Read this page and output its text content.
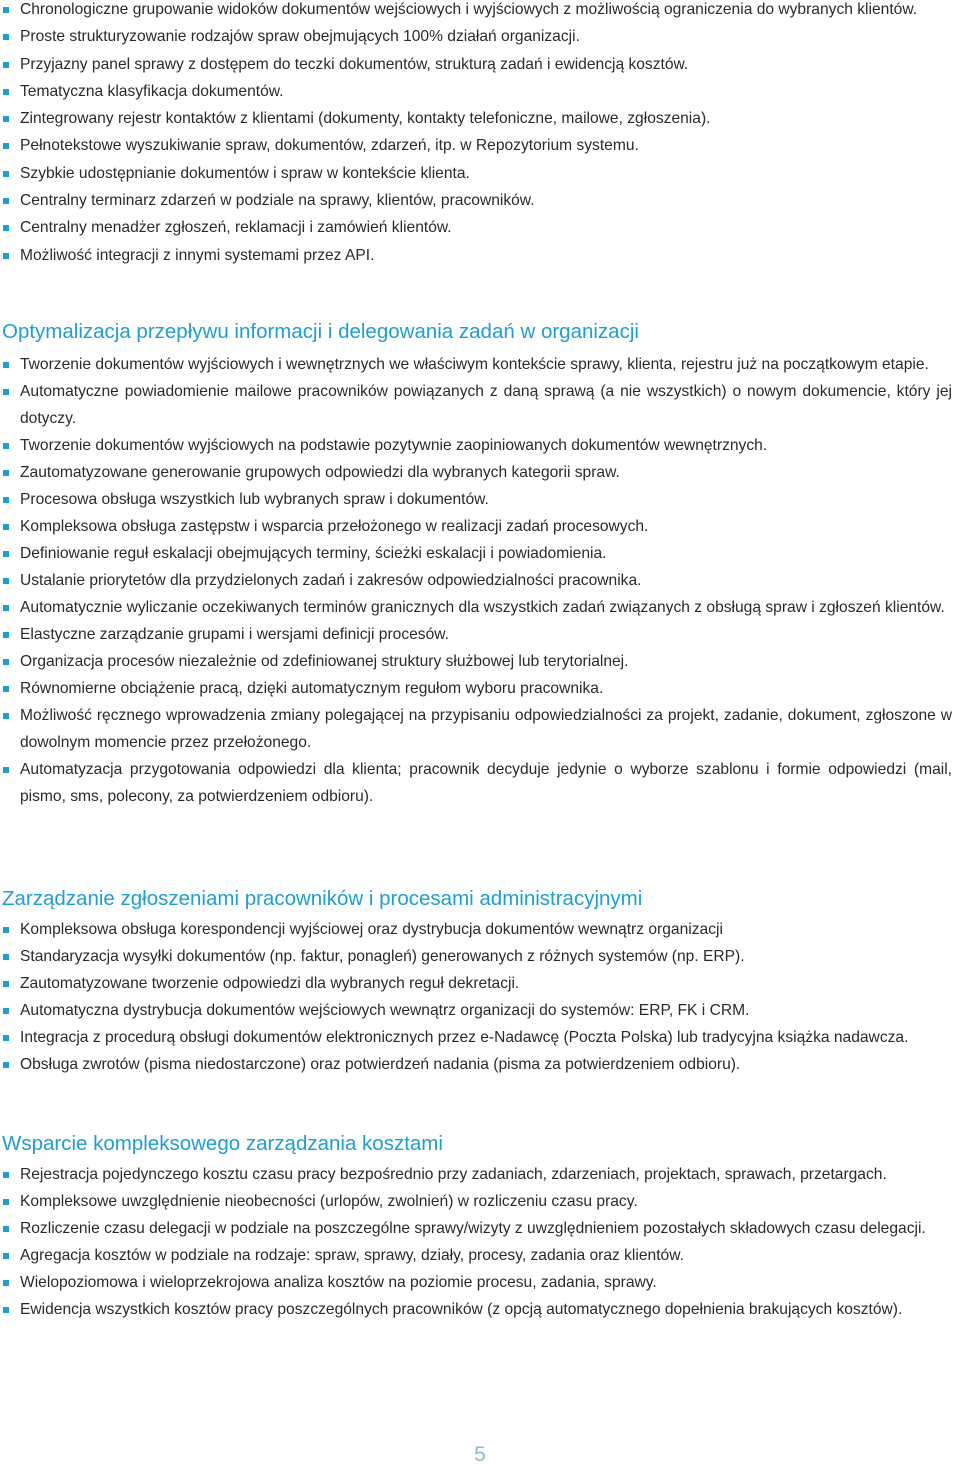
Chronologiczne grupowanie widoków dokumentów wejściowych i wyjściowych z możliwością ograniczenia do wybranych klientów.
Proste strukturyzowanie rodzajów spraw obejmujących 100% działań organizacji.
Przyjazny panel sprawy z dostępem do teczki dokumentów, strukturą zadań i ewidencją kosztów.
Tematyczna klasyfikacja dokumentów.
Zintegrowany rejestr kontaktów z klientami (dokumenty, kontakty telefoniczne, mailowe, zgłoszenia).
Pełnotekstowe wyszukiwanie spraw, dokumentów, zdarzeń, itp. w Repozytorium systemu.
Szybkie udostępnianie dokumentów i spraw w kontekście klienta.
Centralny terminarz zdarzeń w podziale na sprawy, klientów, pracowników.
Centralny menadżer zgłoszeń, reklamacji i zamówień klientów.
Możliwość integracji z innymi systemami przez API.
Optymalizacja przepływu informacji i delegowania zadań w organizacji
Tworzenie dokumentów wyjściowych i wewnętrznych we właściwym kontekście sprawy, klienta, rejestru już na początkowym etapie.
Automatyczne powiadomienie mailowe pracowników powiązanych z daną sprawą (a nie wszystkich) o nowym dokumencie, który jej dotyczy.
Tworzenie dokumentów wyjściowych na podstawie pozytywnie zaopiniowanych dokumentów wewnętrznych.
Zautomatyzowane generowanie grupowych odpowiedzi dla wybranych kategorii spraw.
Procesowa obsługa wszystkich lub wybranych spraw i dokumentów.
Kompleksowa obsługa zastępstw i wsparcia przełożonego w realizacji zadań procesowych.
Definiowanie reguł eskalacji obejmujących terminy, ścieżki eskalacji i powiadomienia.
Ustalanie priorytetów dla przydzielonych zadań i zakresów odpowiedzialności pracownika.
Automatycznie wyliczanie oczekiwanych terminów granicznych dla wszystkich zadań związanych z obsługą spraw i zgłoszeń klientów.
Elastyczne zarządzanie grupami i wersjami definicji procesów.
Organizacja procesów niezależnie od zdefiniowanej struktury służbowej lub terytorialnej.
Równomierne obciążenie pracą, dzięki automatycznym regułom wyboru pracownika.
Możliwość ręcznego wprowadzenia zmiany polegającej na przypisaniu odpowiedzialności za projekt, zadanie, dokument, zgłoszone w dowolnym momencie przez przełożonego.
Automatyzacja przygotowania odpowiedzi dla klienta; pracownik decyduje jedynie o wyborze szablonu i formie odpowiedzi (mail, pismo, sms, polecony, za potwierdzeniem odbioru).
Zarządzanie zgłoszeniami pracowników i procesami administracyjnymi
Kompleksowa obsługa korespondencji wyjściowej oraz dystrybucja dokumentów wewnątrz organizacji
Standaryzacja wysyłki dokumentów (np. faktur, ponagleń) generowanych z różnych systemów (np. ERP).
Zautomatyzowane tworzenie odpowiedzi dla wybranych reguł dekretacji.
Automatyczna dystrybucja dokumentów wejściowych wewnątrz organizacji do systemów: ERP, FK i CRM.
Integracja z procedurą obsługi dokumentów elektronicznych przez e-Nadawcę (Poczta Polska) lub tradycyjna książka nadawcza.
Obsługa zwrotów (pisma niedostarczone) oraz potwierdzeń nadania (pisma za potwierdzeniem odbioru).
Wsparcie kompleksowego zarządzania kosztami
Rejestracja pojedynczego kosztu czasu pracy bezpośrednio przy zadaniach, zdarzeniach, projektach, sprawach, przetargach.
Kompleksowe uwzględnienie nieobecności (urlopów, zwolnień) w rozliczeniu czasu pracy.
Rozliczenie czasu delegacji w podziale na poszczególne sprawy/wizyty z uwzględnieniem pozostałych składowych czasu delegacji.
Agregacja kosztów w podziale na rodzaje: spraw, sprawy, działy, procesy, zadania oraz klientów.
Wielopoziomowa i wieloprzekrojowa analiza kosztów na poziomie procesu, zadania, sprawy.
Ewidencja wszystkich kosztów pracy poszczególnych pracowników (z opcją automatycznego dopełnienia brakujących kosztów).
5
